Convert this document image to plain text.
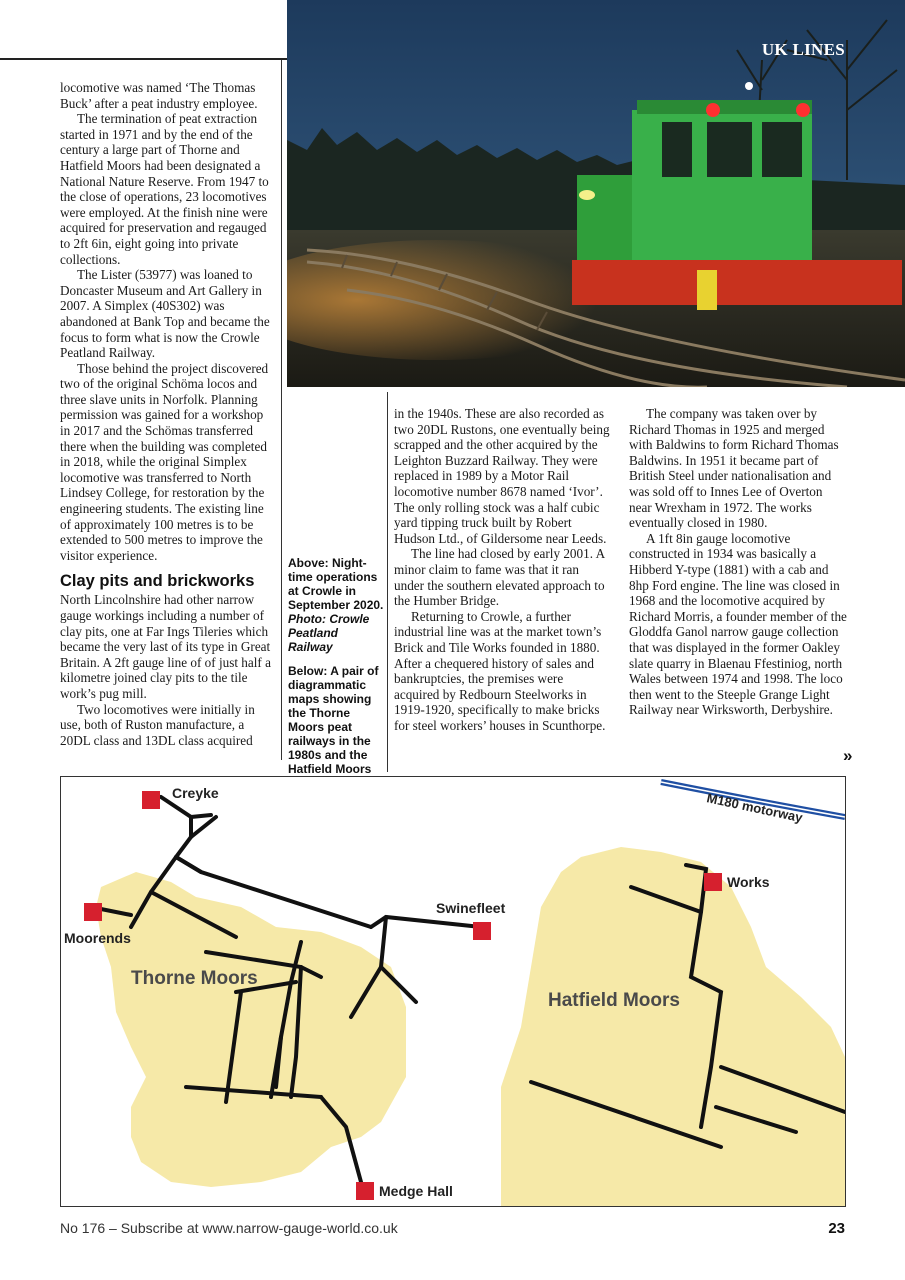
UK LINES

locomotive was named ‘The Thomas Buck’ after a peat industry employee.

The termination of peat extraction started in 1971 and by the end of the century a large part of Thorne and Hatfield Moors had been designated a National Nature Reserve. From 1947 to the close of operations, 23 locomotives were employed. At the finish nine were acquired for preservation and regauged to 2ft 6in, eight going into private collections.

The Lister (53977) was loaned to Doncaster Museum and Art Gallery in 2007. A Simplex (40S302) was abandoned at Bank Top and became the focus to form what is now the Crowle Peatland Railway.

Those behind the project discovered two of the original Schöma locos and three slave units in Norfolk. Planning permission was gained for a workshop in 2017 and the Schömas transferred there when the building was completed in 2018, while the original Simplex locomotive was transferred to North Lindsey College, for restoration by the engineering students. The existing line of approximately 100 metres is to be extended to 500 metres to improve the visitor experience.

Clay pits and brickworks

North Lincolnshire had other narrow gauge workings including a number of clay pits, one at Far Ings Tileries which became the very last of its type in Great Britain. A 2ft gauge line of of just half a kilometre joined clay pits to the tile work’s pug mill.

Two locomotives were initially in use, both of Ruston manufacture, a 20DL class and 13DL class acquired

Above: Night-time operations at Crowle in September 2020. Photo: Crowle Peatland Railway

Below: A pair of diagrammatic maps showing the Thorne Moors peat railways in the 1980s and the Hatfield Moors

in the 1940s. These are also recorded as two 20DL Rustons, one eventually being scrapped and the other acquired by the Leighton Buzzard Railway. They were replaced in 1989 by a Motor Rail locomotive number 8678 named ‘Ivor’. The only rolling stock was a half cubic yard tipping truck built by Robert Hudson Ltd., of Gildersome near Leeds.

The line had closed by early 2001. A minor claim to fame was that it ran under the southern elevated approach to the Humber Bridge.

Returning to Crowle, a further industrial line was at the market town’s Brick and Tile Works founded in 1880. After a chequered history of sales and bankruptcies, the premises were acquired by Redbourn Steelworks in 1919-1920, specifically to make bricks for steel workers’ houses in Scunthorpe.

The company was taken over by Richard Thomas in 1925 and merged with Baldwins to form Richard Thomas Baldwins. In 1951 it became part of British Steel under nationalisation and was sold off to Innes Lee of Overton near Wrexham in 1972. The works eventually closed in 1980.

A 1ft 8in gauge locomotive constructed in 1934 was basically a Hibberd Y-type (1881) with a cab and 8hp Ford engine. The line was closed in 1968 and the locomotive acquired by Richard Morris, a founder member of the Gloddfa Ganol narrow gauge collection that was displayed in the former Oakley slate quarry in Blaenau Ffestiniog, north Wales between 1974 and 1998. The loco then went to the Steeple Grange Light Railway near Wirksworth, Derbyshire.

»
Creyke
Moorends
Swinefleet
Medge Hall
Works
Thorne Moors
Hatfield Moors
M180 motorway
No 176 – Subscribe at www.narrow-gauge-world.co.uk	23
